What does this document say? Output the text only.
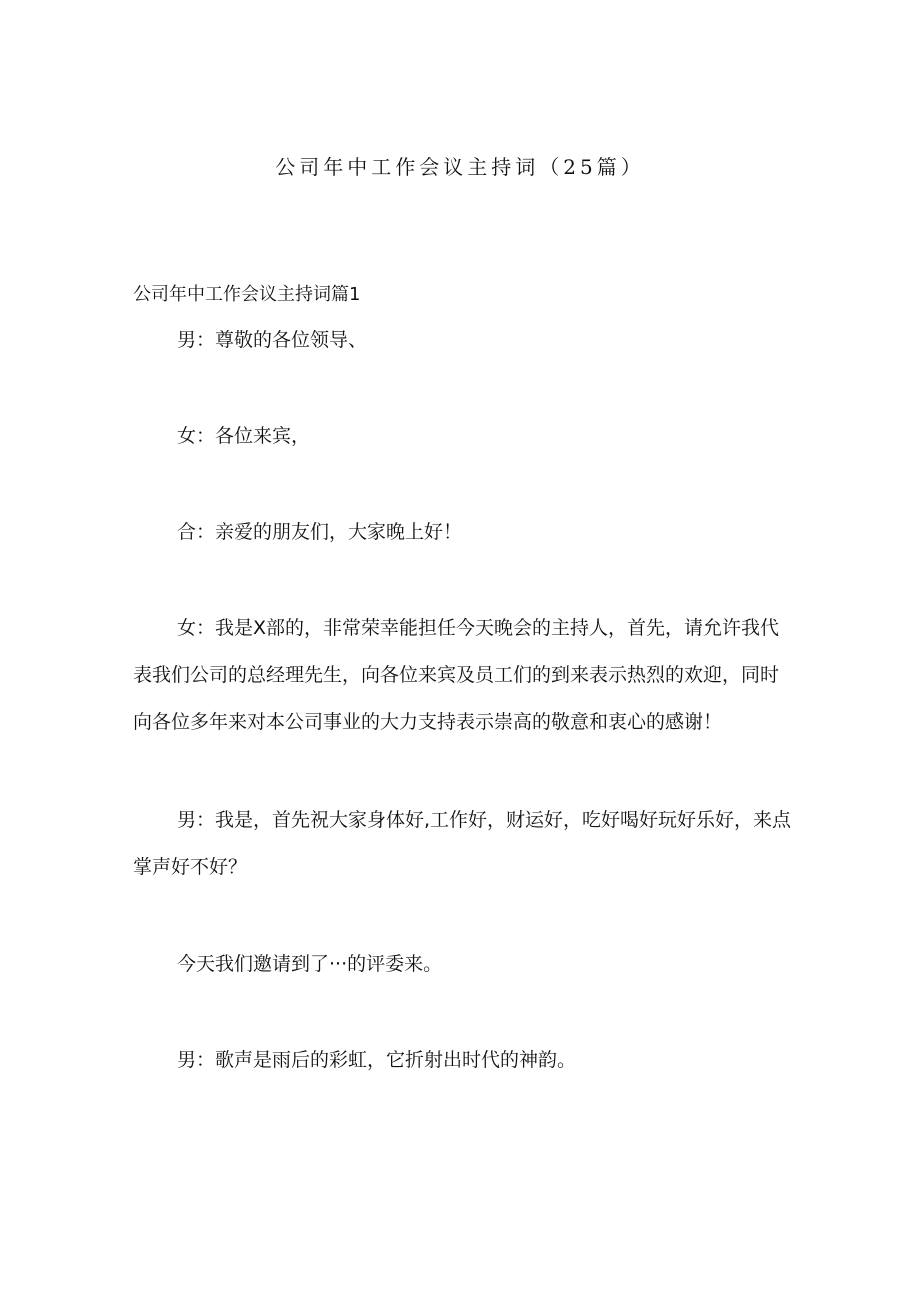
公司年中工作会议主持词（25篇）
公司年中工作会议主持词篇1

男：尊敬的各位领导、

女：各位来宾，

合：亲爱的朋友们，大家晚上好！

女：我是X部的，非常荣幸能担任今天晚会的主持人，首先，请允许我代表我们公司的总经理先生，向各位来宾及员工们的到来表示热烈的欢迎，同时向各位多年来对本公司事业的大力支持表示崇高的敬意和衷心的感谢！

男：我是，首先祝大家身体好,工作好，财运好，吃好喝好玩好乐好，来点掌声好不好？

今天我们邀请到了···的评委来。

男：歌声是雨后的彩虹，它折射出时代的神韵。
